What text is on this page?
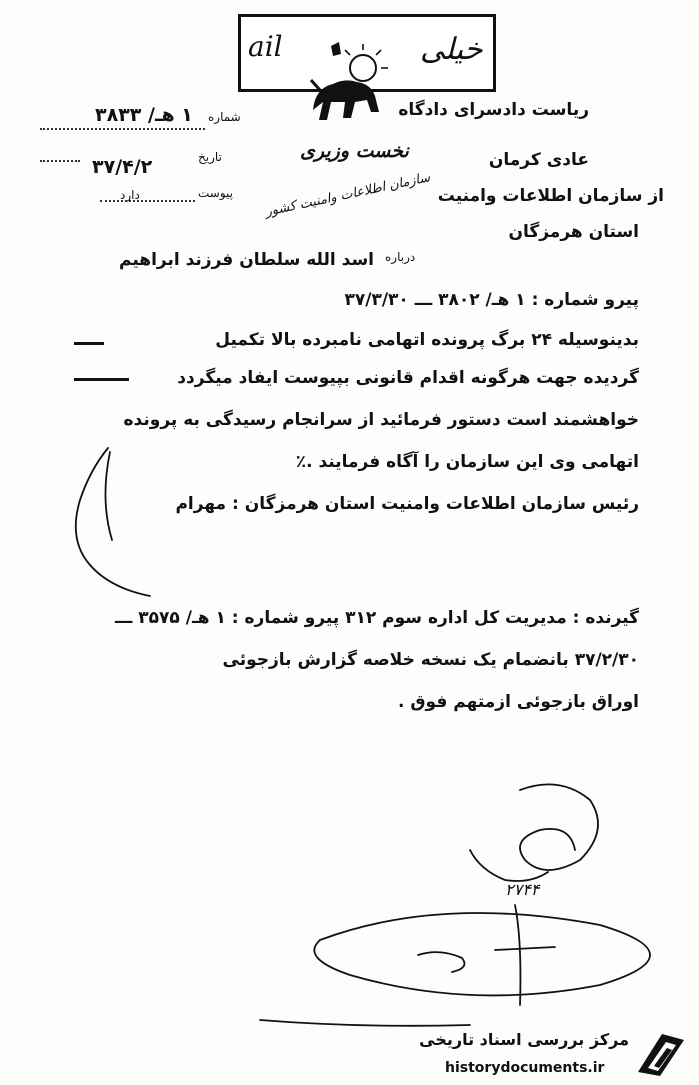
ail	خیلی
ریاست دادسرای دادگاه
عادی کرمان
از سازمان اطلاعات وامنیت
استان هرمزگان
شماره
۱ هـ/ ۳۸۳۳
تاریخ
۳۷/۴/۲
پیوست
دارد
نخست وزیری
سازمان اطلاعات وامنیت کشور
درباره
اسد الله سلطان فرزند ابراهیم
پیرو شماره : ۱ هـ/ ۳۸۰۲ ـــ ۳۷/۳/۳۰
بدینوسیله ۲۴ برگ پرونده اتهامی نامبرده بالا تکمیل
گردیده جهت هرگونه اقدام قانونی بپیوست ایفاد میگردد
خواهشمند است دستور فرمائید از سرانجام رسیدگی به پرونده
اتهامی وی این سازمان را آگاه فرمایند .٪
رئیس سازمان اطلاعات وامنیت استان هرمزگان : مهرام
گیرنده : مدیریت کل اداره سوم ۳۱۲ پیرو شماره : ۱ هـ/ ۳۵۷۵ ـــ
۳۷/۲/۳۰ بانضمام یک نسخه خلاصه گزارش بازجوئی
اوراق بازجوئی ازمتهم فوق .
۲۷۴۴
مرکز بررسی اسناد تاریخی
historydocuments.ir
